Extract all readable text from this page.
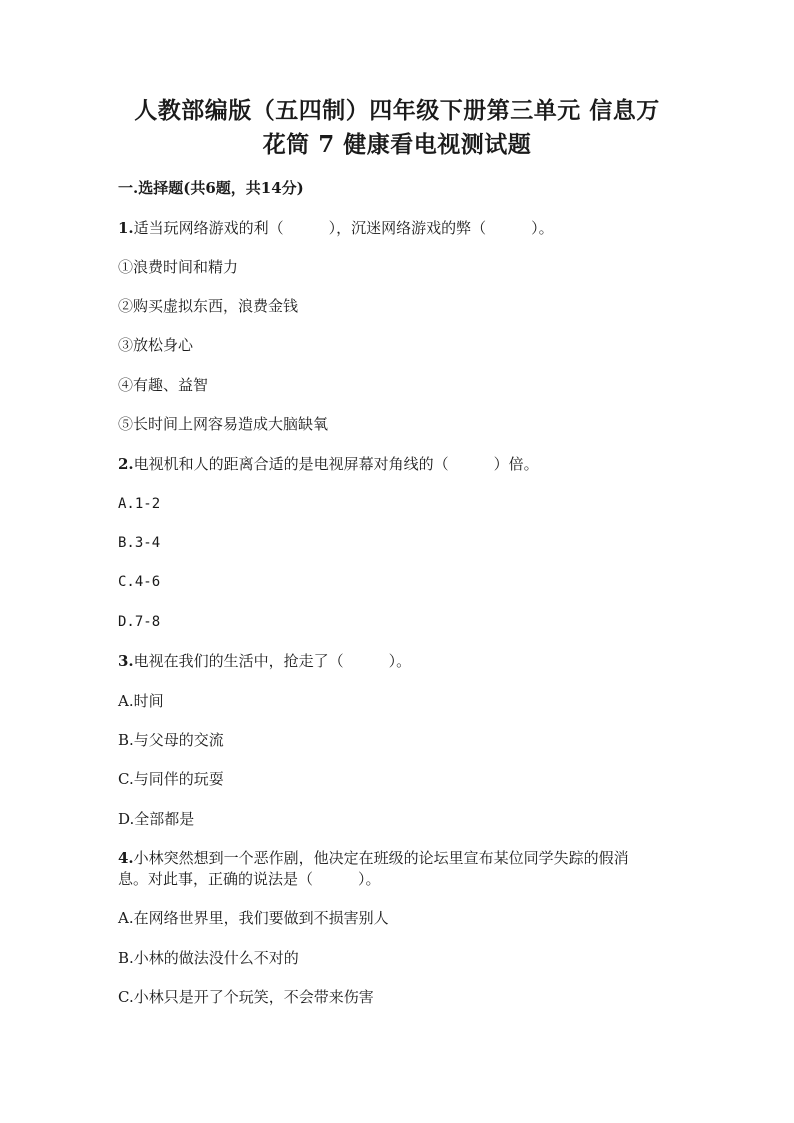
人教部编版（五四制）四年级下册第三单元 信息万
花筒 7 健康看电视测试题
一.选择题(共6题，共14分)
1.适当玩网络游戏的利（　　　），沉迷网络游戏的弊（　　　）。
①浪费时间和精力
②购买虚拟东西，浪费金钱
③放松身心
④有趣、益智
⑤长时间上网容易造成大脑缺氧
2.电视机和人的距离合适的是电视屏幕对角线的（　　　）倍。
A.1-2
B.3-4
C.4-6
D.7-8
3.电视在我们的生活中，抢走了（　　　）。
A.时间
B.与父母的交流
C.与同伴的玩耍
D.全部都是
4.小林突然想到一个恶作剧，他决定在班级的论坛里宣布某位同学失踪的假消
息。对此事，正确的说法是（　　　）。
A.在网络世界里，我们要做到不损害别人
B.小林的做法没什么不对的
C.小林只是开了个玩笑，不会带来伤害
